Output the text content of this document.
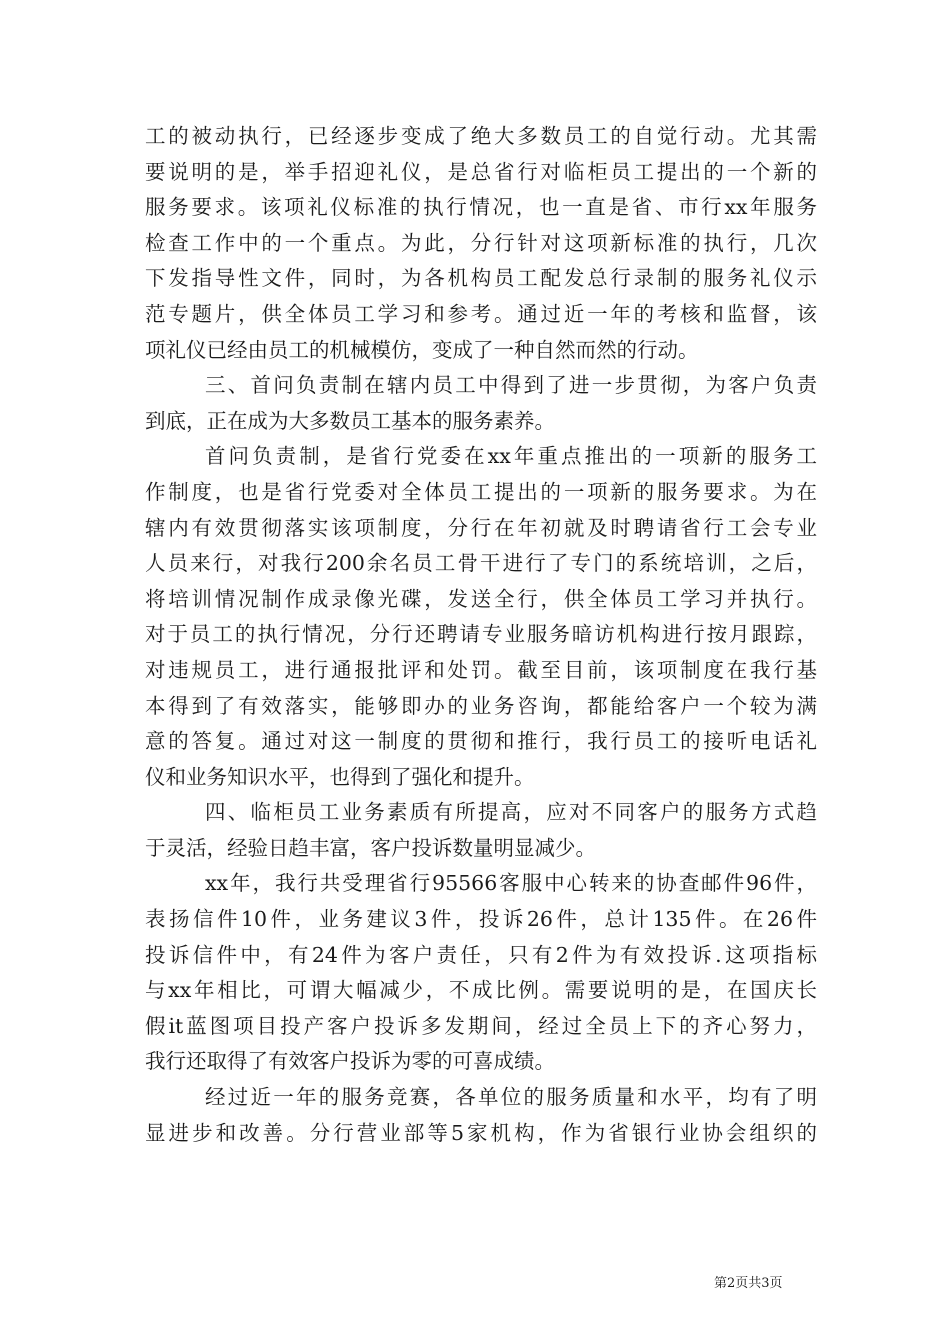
工的被动执行，已经逐步变成了绝大多数员工的自觉行动。尤其需
要说明的是，举手招迎礼仪，是总省行对临柜员工提出的一个新的
服务要求。该项礼仪标准的执行情况，也一直是省、市行xx年服务
检查工作中的一个重点。为此，分行针对这项新标准的执行，几次
下发指导性文件，同时，为各机构员工配发总行录制的服务礼仪示
范专题片，供全体员工学习和参考。通过近一年的考核和监督，该
项礼仪已经由员工的机械模仿，变成了一种自然而然的行动。
三、首问负责制在辖内员工中得到了进一步贯彻，为客户负责
到底，正在成为大多数员工基本的服务素养。
首问负责制，是省行党委在xx年重点推出的一项新的服务工
作制度，也是省行党委对全体员工提出的一项新的服务要求。为在
辖内有效贯彻落实该项制度，分行在年初就及时聘请省行工会专业
人员来行，对我行200余名员工骨干进行了专门的系统培训，之后，
将培训情况制作成录像光碟，发送全行，供全体员工学习并执行。
对于员工的执行情况，分行还聘请专业服务暗访机构进行按月跟踪，
对违规员工，进行通报批评和处罚。截至目前，该项制度在我行基
本得到了有效落实，能够即办的业务咨询，都能给客户一个较为满
意的答复。通过对这一制度的贯彻和推行，我行员工的接听电话礼
仪和业务知识水平，也得到了强化和提升。
四、临柜员工业务素质有所提高，应对不同客户的服务方式趋
于灵活，经验日趋丰富，客户投诉数量明显减少。
xx年，我行共受理省行95566客服中心转来的协查邮件96件，
表扬信件10件，业务建议3件，投诉26件，总计135件。在26件
投诉信件中，有24件为客户责任，只有2件为有效投诉.这项指标
与xx年相比，可谓大幅减少，不成比例。需要说明的是，在国庆长
假it蓝图项目投产客户投诉多发期间，经过全员上下的齐心努力，
我行还取得了有效客户投诉为零的可喜成绩。
经过近一年的服务竞赛，各单位的服务质量和水平，均有了明
显进步和改善。分行营业部等5家机构，作为省银行业协会组织的
第2页共3页
